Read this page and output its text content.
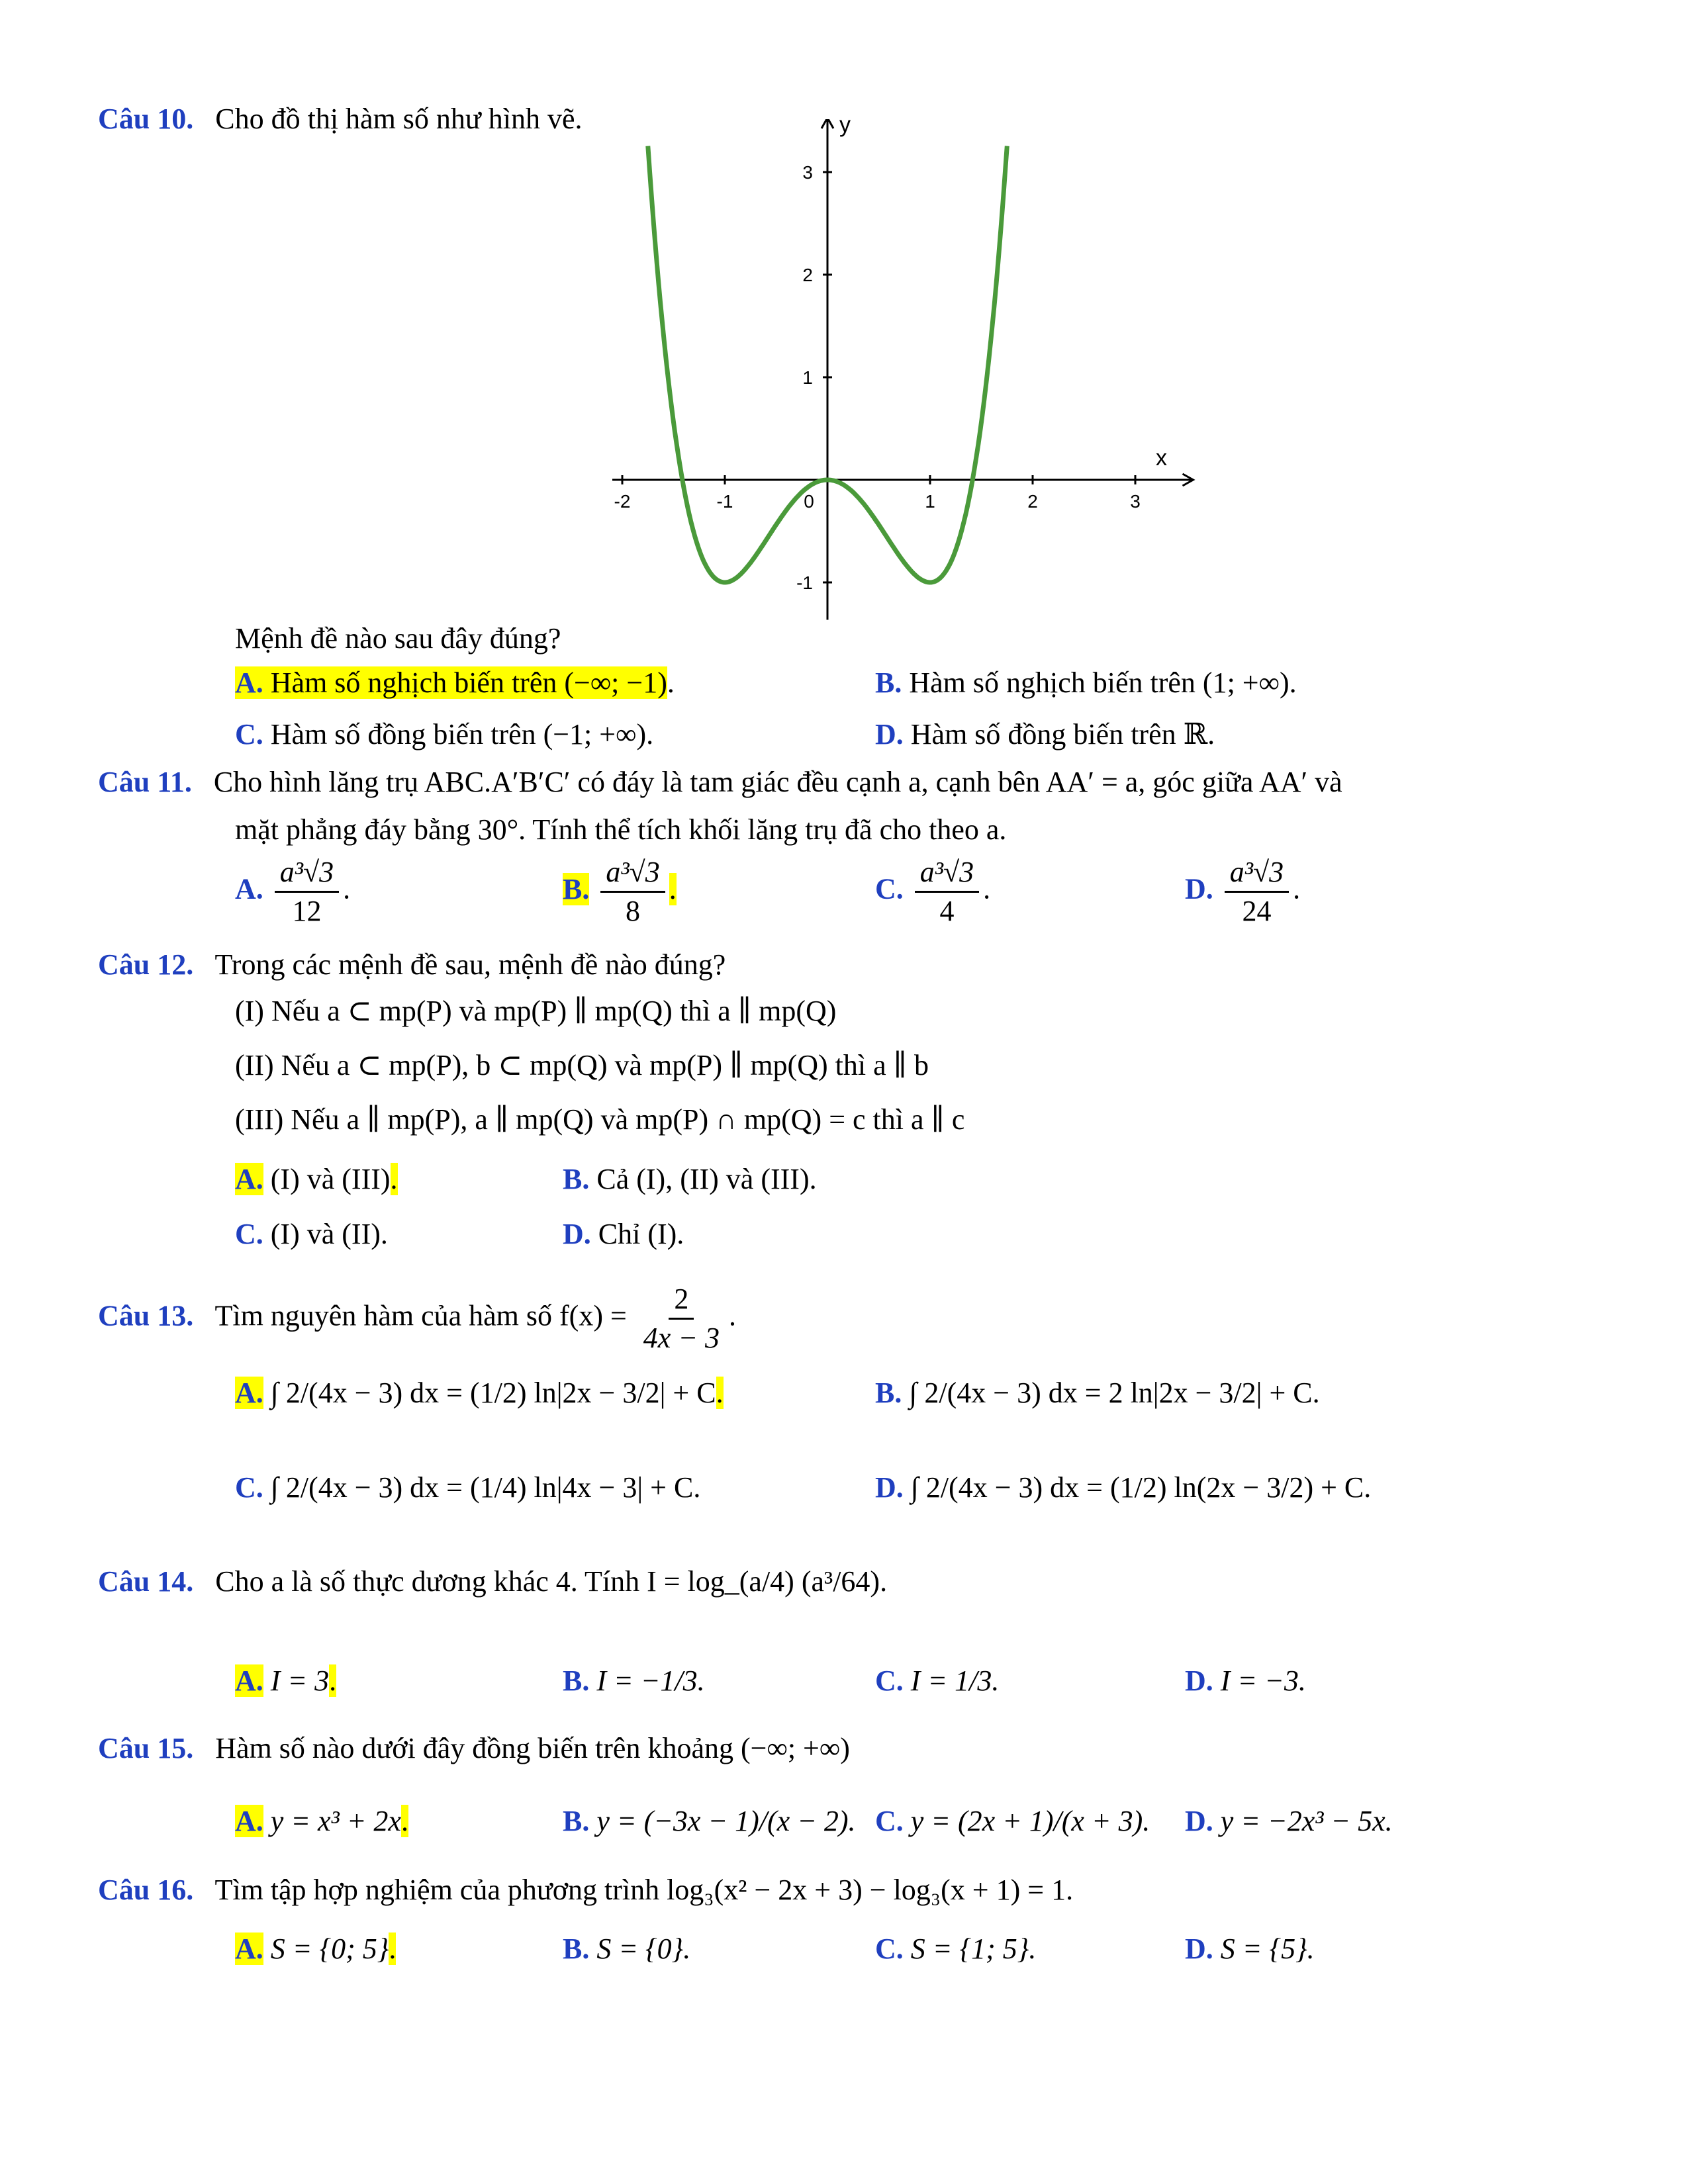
Câu 10. Cho đồ thị hàm số như hình vẽ.
-2	-1	0	1	2	3
-1
1
2
3
x
y
Mệnh đề nào sau đây đúng?
A. Hàm số nghịch biến trên (−∞; −1).	B. Hàm số nghịch biến trên (1; +∞).
C. Hàm số đồng biến trên (−1; +∞).	D. Hàm số đồng biến trên ℝ.
Câu 11. Cho hình lăng trụ ABC.A′B′C′ có đáy là tam giác đều cạnh a, cạnh bên AA′ = a, góc giữa AA′ và
mặt phẳng đáy bằng 30°. Tính thể tích khối lăng trụ đã cho theo a.
A. $\frac{\text{a³√3}}{12}$ .	B. $\frac{\text{a³√3}}{8}$ .	C. $\frac{\text{a³√3}}{4}$ .	D. $\frac{\text{a³√3}}{24}$ .
Câu 12. Trong các mệnh đề sau, mệnh đề nào đúng?
(I) Nếu a ⊂ mp(P) và mp(P) ∥ mp(Q) thì a ∥ mp(Q)
(II) Nếu a ⊂ mp(P), b ⊂ mp(Q) và mp(P) ∥ mp(Q) thì a ∥ b
(III) Nếu a ∥ mp(P), a ∥ mp(Q) và mp(P) ∩ mp(Q) = c thì a ∥ c
A. (I) và (III).	B. Cả (I), (II) và (III).
C. (I) và (II).	D. Chỉ (I).
Câu 13. Tìm nguyên hàm của hàm số $f(x) = \frac{2}{4x - 3}$ .
A. ∫ 2/(4x − 3) dx = (1/2) ln|2x − 3/2| + C.	B. ∫ 2/(4x − 3) dx = 2 ln|2x − 3/2| + C.
C. ∫ 2/(4x − 3) dx = (1/4) ln|4x − 3| + C.	D. ∫ 2/(4x − 3) dx = (1/2) ln(2x − 3/2) + C.
Câu 14. Cho a là số thực dương khác 4. Tính I = log_(a/4) (a³/64).
A. I = 3.	B. I = −1/3.	C. I = 1/3.	D. I = −3.
Câu 15. Hàm số nào dưới đây đồng biến trên khoảng (−∞; +∞)
A. y = x³ + 2x.	B. y = (−3x − 1)/(x − 2). C. y = (2x + 1)/(x + 3). D. y = −2x³ − 5x.
Câu 16. Tìm tập hợp nghiệm của phương trình log₃(x² − 2x + 3) − log₃(x + 1) = 1.
A. S = {0; 5}.	B. S = {0}.	C. S = {1; 5}.	D. S = {5}.
